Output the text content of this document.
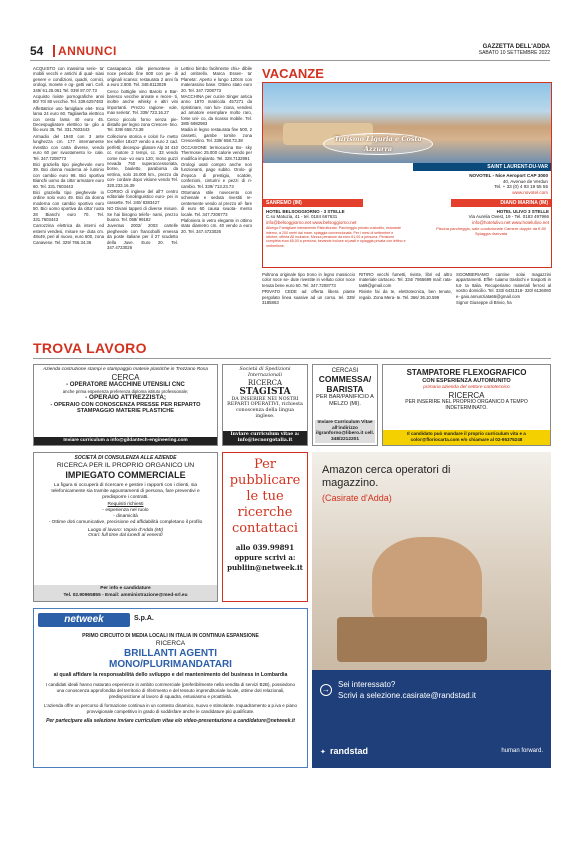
54 ANNUNCI	GAZZETTA DELL'ADDA
SABATO 10 SETTEMBRE 2022

ACQUISTO con massima serie- ta' mobili vecchi e antichi di qual- siasi genere e condizioni, quadri, cornici, orologi, monete e og- getti vari. Cell. 349/ 61.25.061 Tel. 039/ 87.07.73

Acquisto riviste pornografiche anni 80/ 70/ 80 vecchie. Tel. 339.6257483

Affettatrice uso famigliare elet- trica lama 24 euro 60. Tagliaerba elettrico con cesto lama 40 euro 45. Decespugliatore elettrico ta- glio a filo euro 35. Tel. 331.7603443

Armadio del 1940 con 3 ante lunghezza cm. 177 internamente rivestito con carta diverse, vendo euro 60 per svuotamento lo- cale. Tel. 347.7208773

Bici graziella tipo pieghevole euro 39. Bici donna moderna al- luminio con cambio euro 98. Bici sportiva Bianchi uomo da citta' armatore euro 60. Tel. 331.7603443

Bici graziella tipo pieghevole in ordine solo euro 49. Bici da donna moderna con cambio sportivo euro 50. Bici uomo sportiva da citta' ruota 28 Bianchi euro 70. Tel. 331.7603443

Carrozzina elettrica da interni ed esterni vendesi, misure se- duta cm. 48x49, peri al nuovo, euro 600, zona Canavese. Tel. 329/ 766.34.36

Cassapanca stile piemontese in noce periodo fine 600 con pe- di originali scanso: restaurata 2 anni fa a euro 2.800. Tel. 348.8113029

Cerco bottiglie vino Barolo e Bar- baresco vecchie annate e recen- ti, inoltre anche whisky e altri vini importanti. Prezzo ragione- vole, max serieta'. Tel. 339/ 723.16.27

Cerco piccolo forno senza pie- distallo per legno zona Crescen- tino. Tel. 339/ 658.73.38

Collezione storica e colori fu- metto tex willer 18x27 vendo a euro 2 cad. perfetti; decespu- gliatore Alp 34 410 cc. motore 2 tempi, cc. 33 vendo come nuo- vo euro 120; mono guzzi nevada 750 superaccessoriata, borse, bauletto, paraborsa da vetrina, solo 15.000 km., prezzo da con- cordare dopo visione vendo Tel. 320.233.16.39

CORSO di inglese del all'7 centro editoriale fonolinguistico euro- pei in cassette. Tel. 340/ 8383427

NO Divani tappeti di diverse misure. Se hai bisogno telefo- nami, prezzo buono. Tel. 058/ 99182

Juventus 2002/ 2003 cartelle pieghevole con francobolli emessa da poste italiane per il 27 scudetto della Juve. Euro 20. Tel. 347.4723026

Lettino bimbo facilmente chiu- dibile ad ombrello. Marca Essen- ta' Planeta'. Aperto e lungo 120cm con materassino base. Ottimo stato euro 20. Tel. 347.7208773

MACCHINA per cucire Singer antica anno 1870 matricola 457271 da ripristinare, non fun- ziona, vendesi ad amatore esemplare molto raro, forse uni- co, da ricasso mobile. Tel. 380/ 6982983

Madia in legno restaurata fine 500, 2 cassetti, gambe tornite zona Crescentino. Tel. 339/ 658.73.38

OCCASIONE termocucina Bo- sky Thermosec 25.000 calorie vendo per modifica impianto. Tel. 328.7132991

Orologi usati compro anche non funzionanti, pago subito. Orolo- gi d'epoca di prestigio, scatole, confezioni, cinturini e pezzi di ri- cambio. Tel. 339/ 713.23.73

Ottomana stile novecento con schienale e seduta rivestiti re- centemente vendo al prezzo af- fare di euro 60 causa svuota- mento locale. Tel. 347.7208773

Plafoniera in vetro elegante in ottimo stato diametro cm. 40 vendo a euro 20. Tel. 347.4723026

VACANZE
Turismo Liguria e Costa Azzurra
SAINT LAURENT-DU-VAR
NOVOTEL - Nice Aeroport CAP 3000
40, Avenue de Verdun
Tel. + 33 (0) 4 93 19 55 55
www.novotel.com
SANREMO (IM)	DIANO MARINA (IM)
HOTEL BELSOGGIORNO - 3 STELLE
C.so Matuzia, 41 - tel. 0184 667631
info@belsoggiorno.net www.belsoggiorno.net
Albergo Famigliare interamente Ristrutturato. Parcheggio privato custodito, ristorante interno, a 200 metri dal mare, spiaggia convenzionata. Per i mesi di settembre e ottobre, offerta All inclusive. Mezza pensione da euro 61,00 a persona. Pensione completa euro 65,00 a persona, bevande incluse ai pasti e spiaggia privata con lettino e ombrellone.
HOTEL ULIVO 3 STELLE
Via Aurelia Ovest, 19 - Tel. 0183 497966
info@hotelulivo.net www.hotelulivo.net
Piscina parcheggio, sale condizionate Camere doppie da € 80 Spiaggia riservata

Poltrona originale tipo trono in legno massiccio color noce se- dute rivestite in velluto color noce tenuta bene euro 60. Tel. 347.7208773

PRIVATO CEDE ad offerta libera piante pergolato linea suasive ad un corso. tel. 339/ 3185863

RITIRO vecchi fumetti, riviste, libri ed altro materiale cartaceo. Tel. 334/ 7865699 mail: rata- ta69@gmail.com

Riviste fai da te, elettrotecnica, ben tenute, regalo. Zona Mera- te. Tel. 366/ 36.10.599

SGOMBERIAMO cantine solai magazzini appartamenti. Effet- tuiamo traslochi e trasporti in tut- ta Italia. Recuperiamo materiali ferrosi al vostro domicilio. Tel. 333/ 6431318- 320/ 6136060 e- gaio.annunziata66@gmail.com

Signor Giuseppe di Brivio, ha

TROVA LAVORO
Azienda costruzione stampi e stampaggio materie plastiche in Trezzano Rosa
CERCA
- OPERATORE MACCHINE UTENSILI CNC
anche prima esperienza preferenza diploma istituto professionale;
- OPERAIO ATTREZZISTA;
- OPERAIO CON CONOSCENZA PRESSE PER REPARTO STAMPAGGIO MATERIE PLASTICHE
Inviare curriculum a info@gildantech-engineering.com
Società di Spedizioni Internazionali
RICERCA
STAGISTA
DA INSERIRE NEI NOSTRI REPARTI OPERATIVI, richiesta conoscenza della lingua inglese.
Inviare curriculum vitae a: info@tecnorgotalia.it
CERCASI
COMMESSA/ BARISTA
PER BAR/PANIFICIO A MELZO (MI).
Inviare Curriculum Vitae all'indirizzo ilgranforno@libero.it cell. 348/2212201
STAMPATORE FLEXOGRAFICO
CON ESPERIENZA AUTOMUNITO
primaria azienda del settore cartotecnico
RICERCA
PER INSERIRE NEL PROPRIO ORGANICO A TEMPO INDETERMINATO.
Il candidato può mandare il proprio curriculum vita e a color@floriocarta.com e/o chiamare al 02-95375248
SOCIETÀ DI CONSULENZA ALLE AZIENDE
RICERCA PER IL PROPRIO ORGANICO UN
IMPIEGATO COMMERCIALE
La figura si occuperà di ricercare e gestire i rapporti con i clienti, sia telefonicamente sia tramite appuntamenti di persona, fare preventivi e predisporre i contratti.
Requisiti richiesti
- esperienza nel ruolo
- dinamicità
- Ottime doti comunicative, precisione ed affidabilità completano il profilo
Luogo di lavoro: Vaprio d'Adda (MI)
Orari: full time dal lunedì al venerdì
Per info e candidature
Tel. 02.90965855 - Email: amministrazione@med-srl.eu
Per pubblicare le tue ricerche contattaci
allo 039.99891
oppure scrivi a:
publiin@netweek.it
Amazon cerca operatori di magazzino.
(Casirate d'Adda)
→
Sei interessato?
Scrivi a selezione.casirate@randstad.it
✦ randstad	human forward.
netweek	S.p.A.
PRIMO CIRCUITO DI MEDIA LOCALI IN ITALIA IN CONTINUA ESPANSIONE
RICERCA
BRILLANTI AGENTI
MONO/PLURIMANDATARI
ai quali affidare la responsabilità dello sviluppo e del mantenimento del business in Lombardia
I candidati ideali hanno maturato esperienze in ambito commerciale (preferibilmente nella vendita di servizi B2B), possiedono una conoscenza approfondita del territorio di riferimento e del tessuto imprenditoriale locale, ottime doti relazionali, predisposizione al lavoro di squadra, entusiasmo e proattività.
L'azienda offre un percorso di formazione continua in un contesto dinamico, nuovo e stimolante. Inquadramento a p.iva e piano provvigionale competitivo in grado di soddisfare anche le candidature più qualificate.
Per partecipare alla selezione inviare curriculum vitae e/o video-presentazione a candidature@netweek.it
